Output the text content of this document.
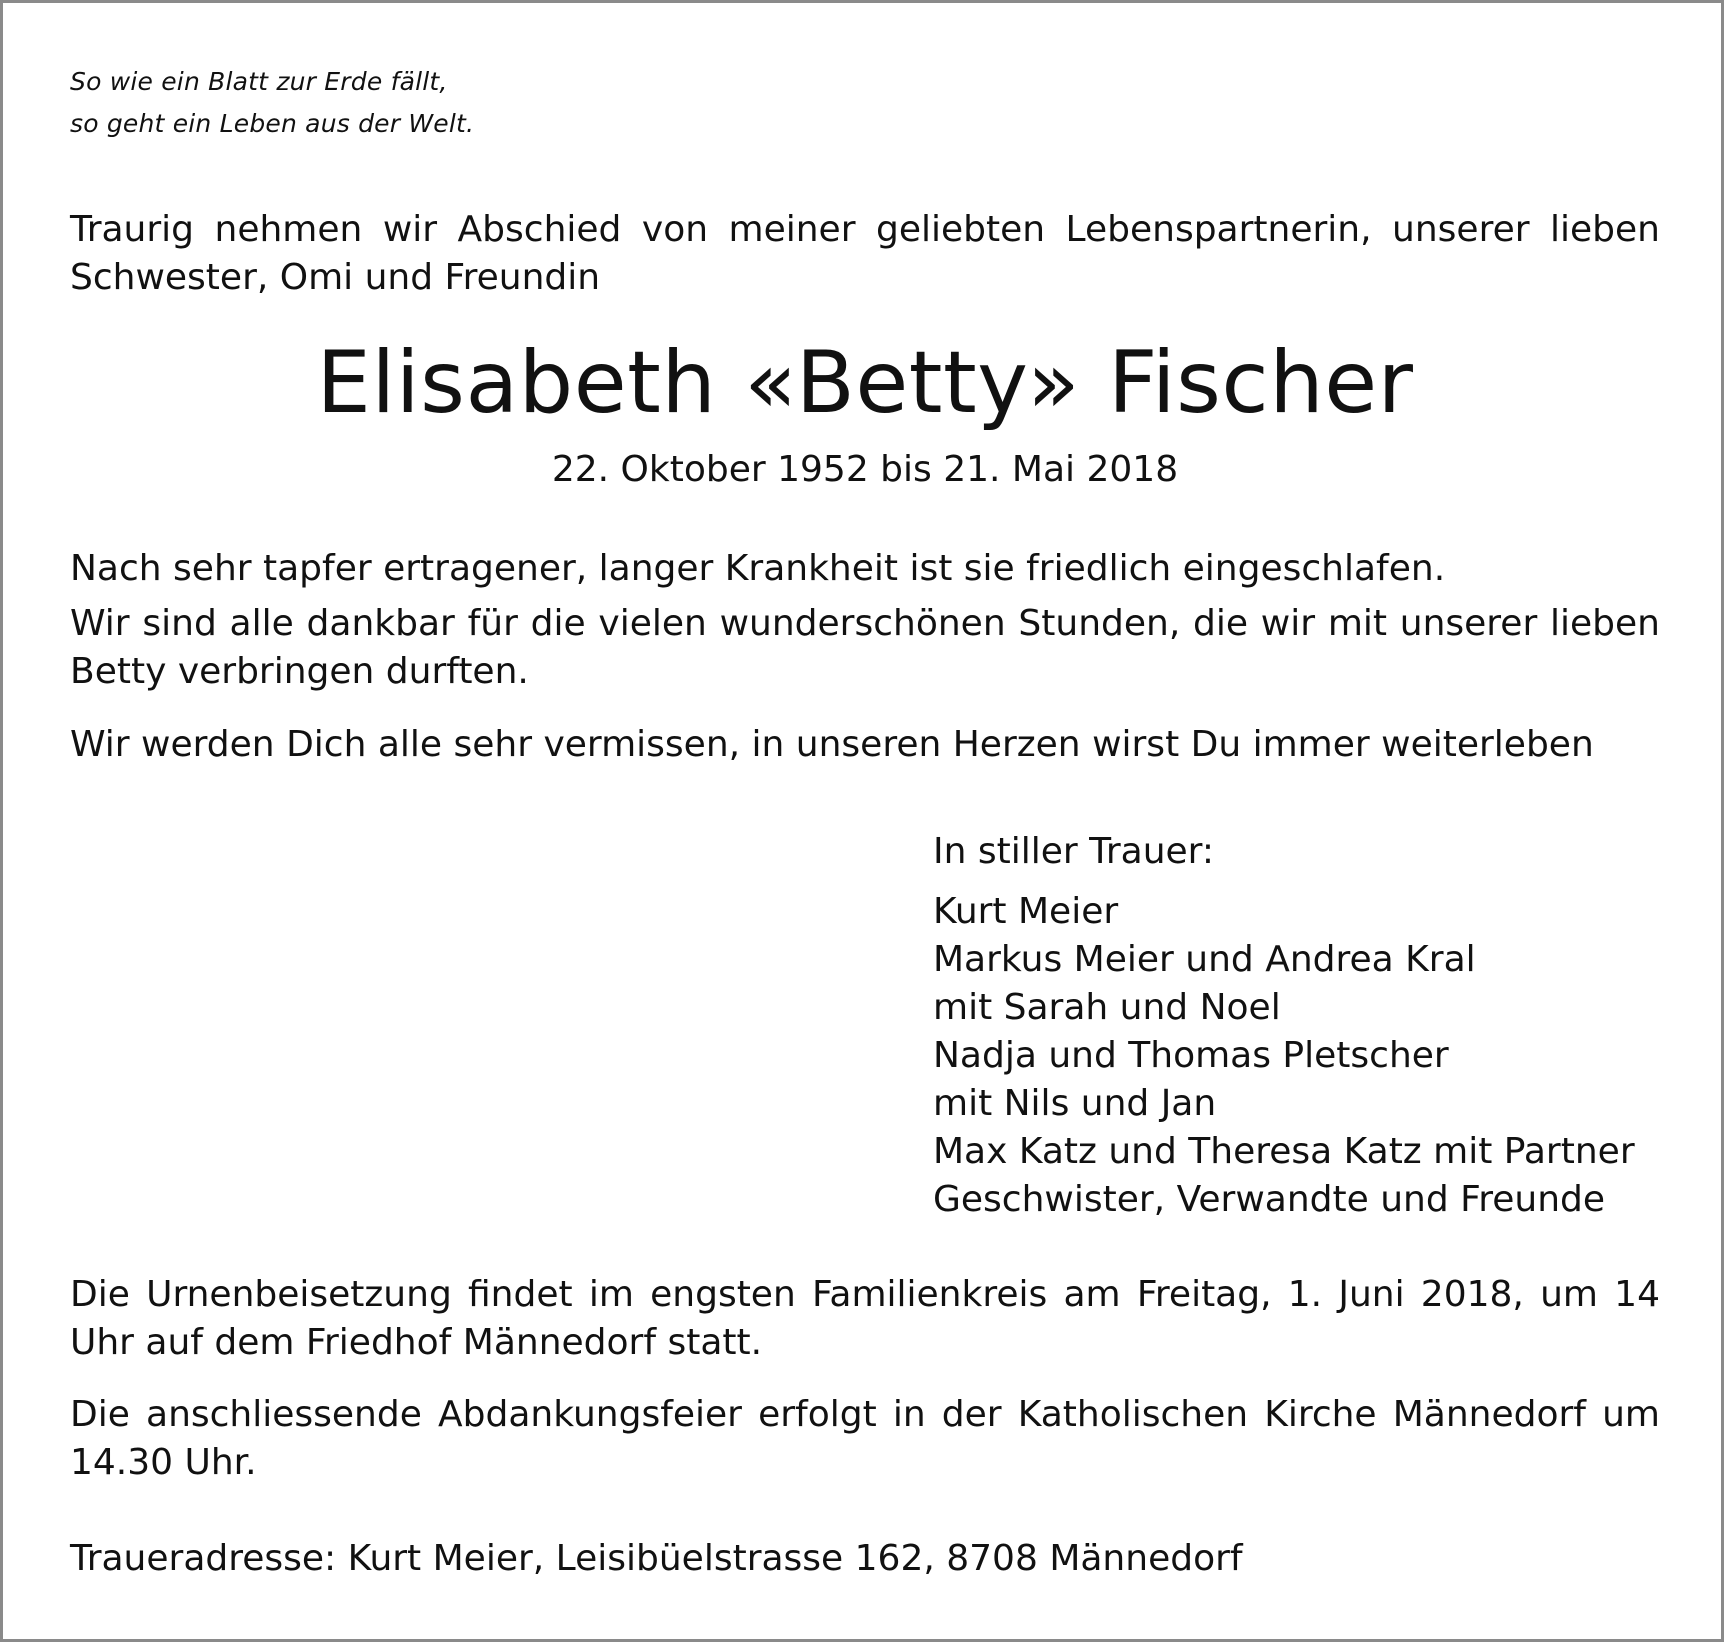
So wie ein Blatt zur Erde fällt,

so geht ein Leben aus der Welt.

Traurig nehmen wir Abschied von meiner geliebten Lebenspartnerin, unserer lieben Schwester, Omi und Freundin

Elisabeth «Betty» Fischer

22. Oktober 1952 bis 21. Mai 2018

Nach sehr tapfer ertragener, langer Krankheit ist sie friedlich eingeschlafen.

Wir sind alle dankbar für die vielen wunderschönen Stunden, die wir mit unserer lieben Betty verbringen durften.

Wir werden Dich alle sehr vermissen, in unseren Herzen wirst Du immer weiterleben

In stiller Trauer:

Kurt Meier
Markus Meier und Andrea Kral
mit Sarah und Noel
Nadja und Thomas Pletscher
mit Nils und Jan
Max Katz und Theresa Katz mit Partner
Geschwister, Verwandte und Freunde

Die Urnenbeisetzung findet im engsten Familienkreis am Freitag, 1. Juni 2018, um 14 Uhr auf dem Friedhof Männedorf statt.

Die anschliessende Abdankungsfeier erfolgt in der Katholischen Kirche Männedorf um 14.30 Uhr.

Traueradresse: Kurt Meier, Leisibüelstrasse 162, 8708 Männedorf
